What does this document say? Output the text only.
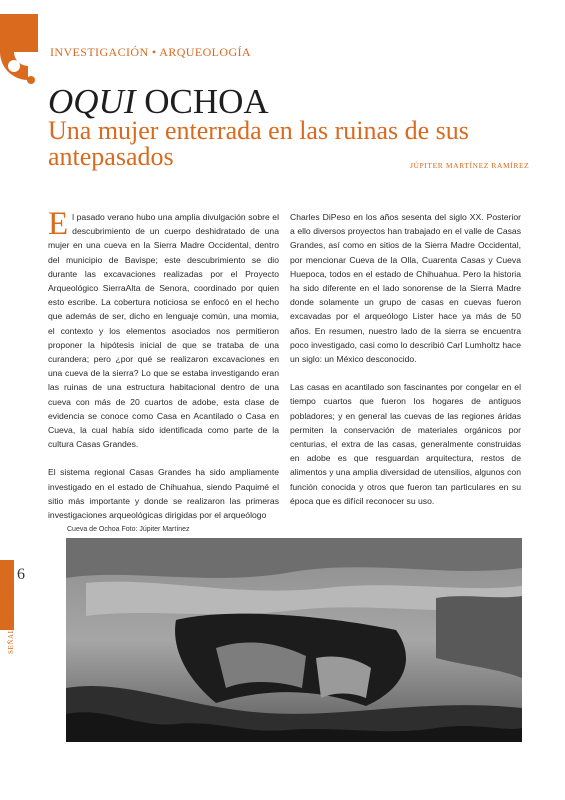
INVESTIGACIÓN • ARQUEOLOGÍA
OQUI OCHOA
Una mujer enterrada en las ruinas de sus antepasados	JÚPITER MARTÍNEZ RAMÍREZ

El pasado verano hubo una amplia divulgación sobre el descubrimiento de un cuerpo deshidratado de una mujer en una cueva en la Sierra Madre Occidental, dentro del municipio de Bavispe; este descubrimiento se dio durante las excavaciones realizadas por el Proyecto Arqueológico SierraAlta de Senora, coordinado por quien esto escribe. La cobertura noticiosa se enfocó en el hecho que además de ser, dicho en lenguaje común, una momia, el contexto y los elementos asociados nos permitieron proponer la hipótesis inicial de que se trataba de una curandera; pero ¿por qué se realizaron excavaciones en una cueva de la sierra? Lo que se estaba investigando eran las ruinas de una estructura habitacional dentro de una cueva con más de 20 cuartos de adobe, esta clase de evidencia se conoce como Casa en Acantilado o Casa en Cueva, la cual había sido identificada como parte de la cultura Casas Grandes.

El sistema regional Casas Grandes ha sido ampliamente investigado en el estado de Chihuahua, siendo Paquimé el sitio más importante y donde se realizaron las primeras investigaciones arqueológicas dirigidas por el arqueólogo

Charles DiPeso en los años sesenta del siglo XX. Posterior a ello diversos proyectos han trabajado en el valle de Casas Grandes, así como en sitios de la Sierra Madre Occidental, por mencionar Cueva de la Olla, Cuarenta Casas y Cueva Huepoca, todos en el estado de Chihuahua. Pero la historia ha sido diferente en el lado sonorense de la Sierra Madre donde solamente un grupo de casas en cuevas fueron excavadas por el arqueólogo Lister hace ya más de 50 años. En resumen, nuestro lado de la sierra se encuentra poco investigado, casi como lo describió Carl Lumholtz hace un siglo: un México desconocido.

Las casas en acantilado son fascinantes por congelar en el tiempo cuartos que fueron los hogares de antiguos pobladores; y en general las cuevas de las regiones áridas permiten la conservación de materiales orgánicos por centurias, el extra de las casas, generalmente construidas en adobe es que resguardan arquitectura, restos de alimentos y una amplia diversidad de utensilios, algunos con función conocida y otros que fueron tan particulares en su época que es difícil reconocer su uso.

Cueva de Ochoa Foto: Júpiter Martínez
6
SEÑALES DE HUMO
